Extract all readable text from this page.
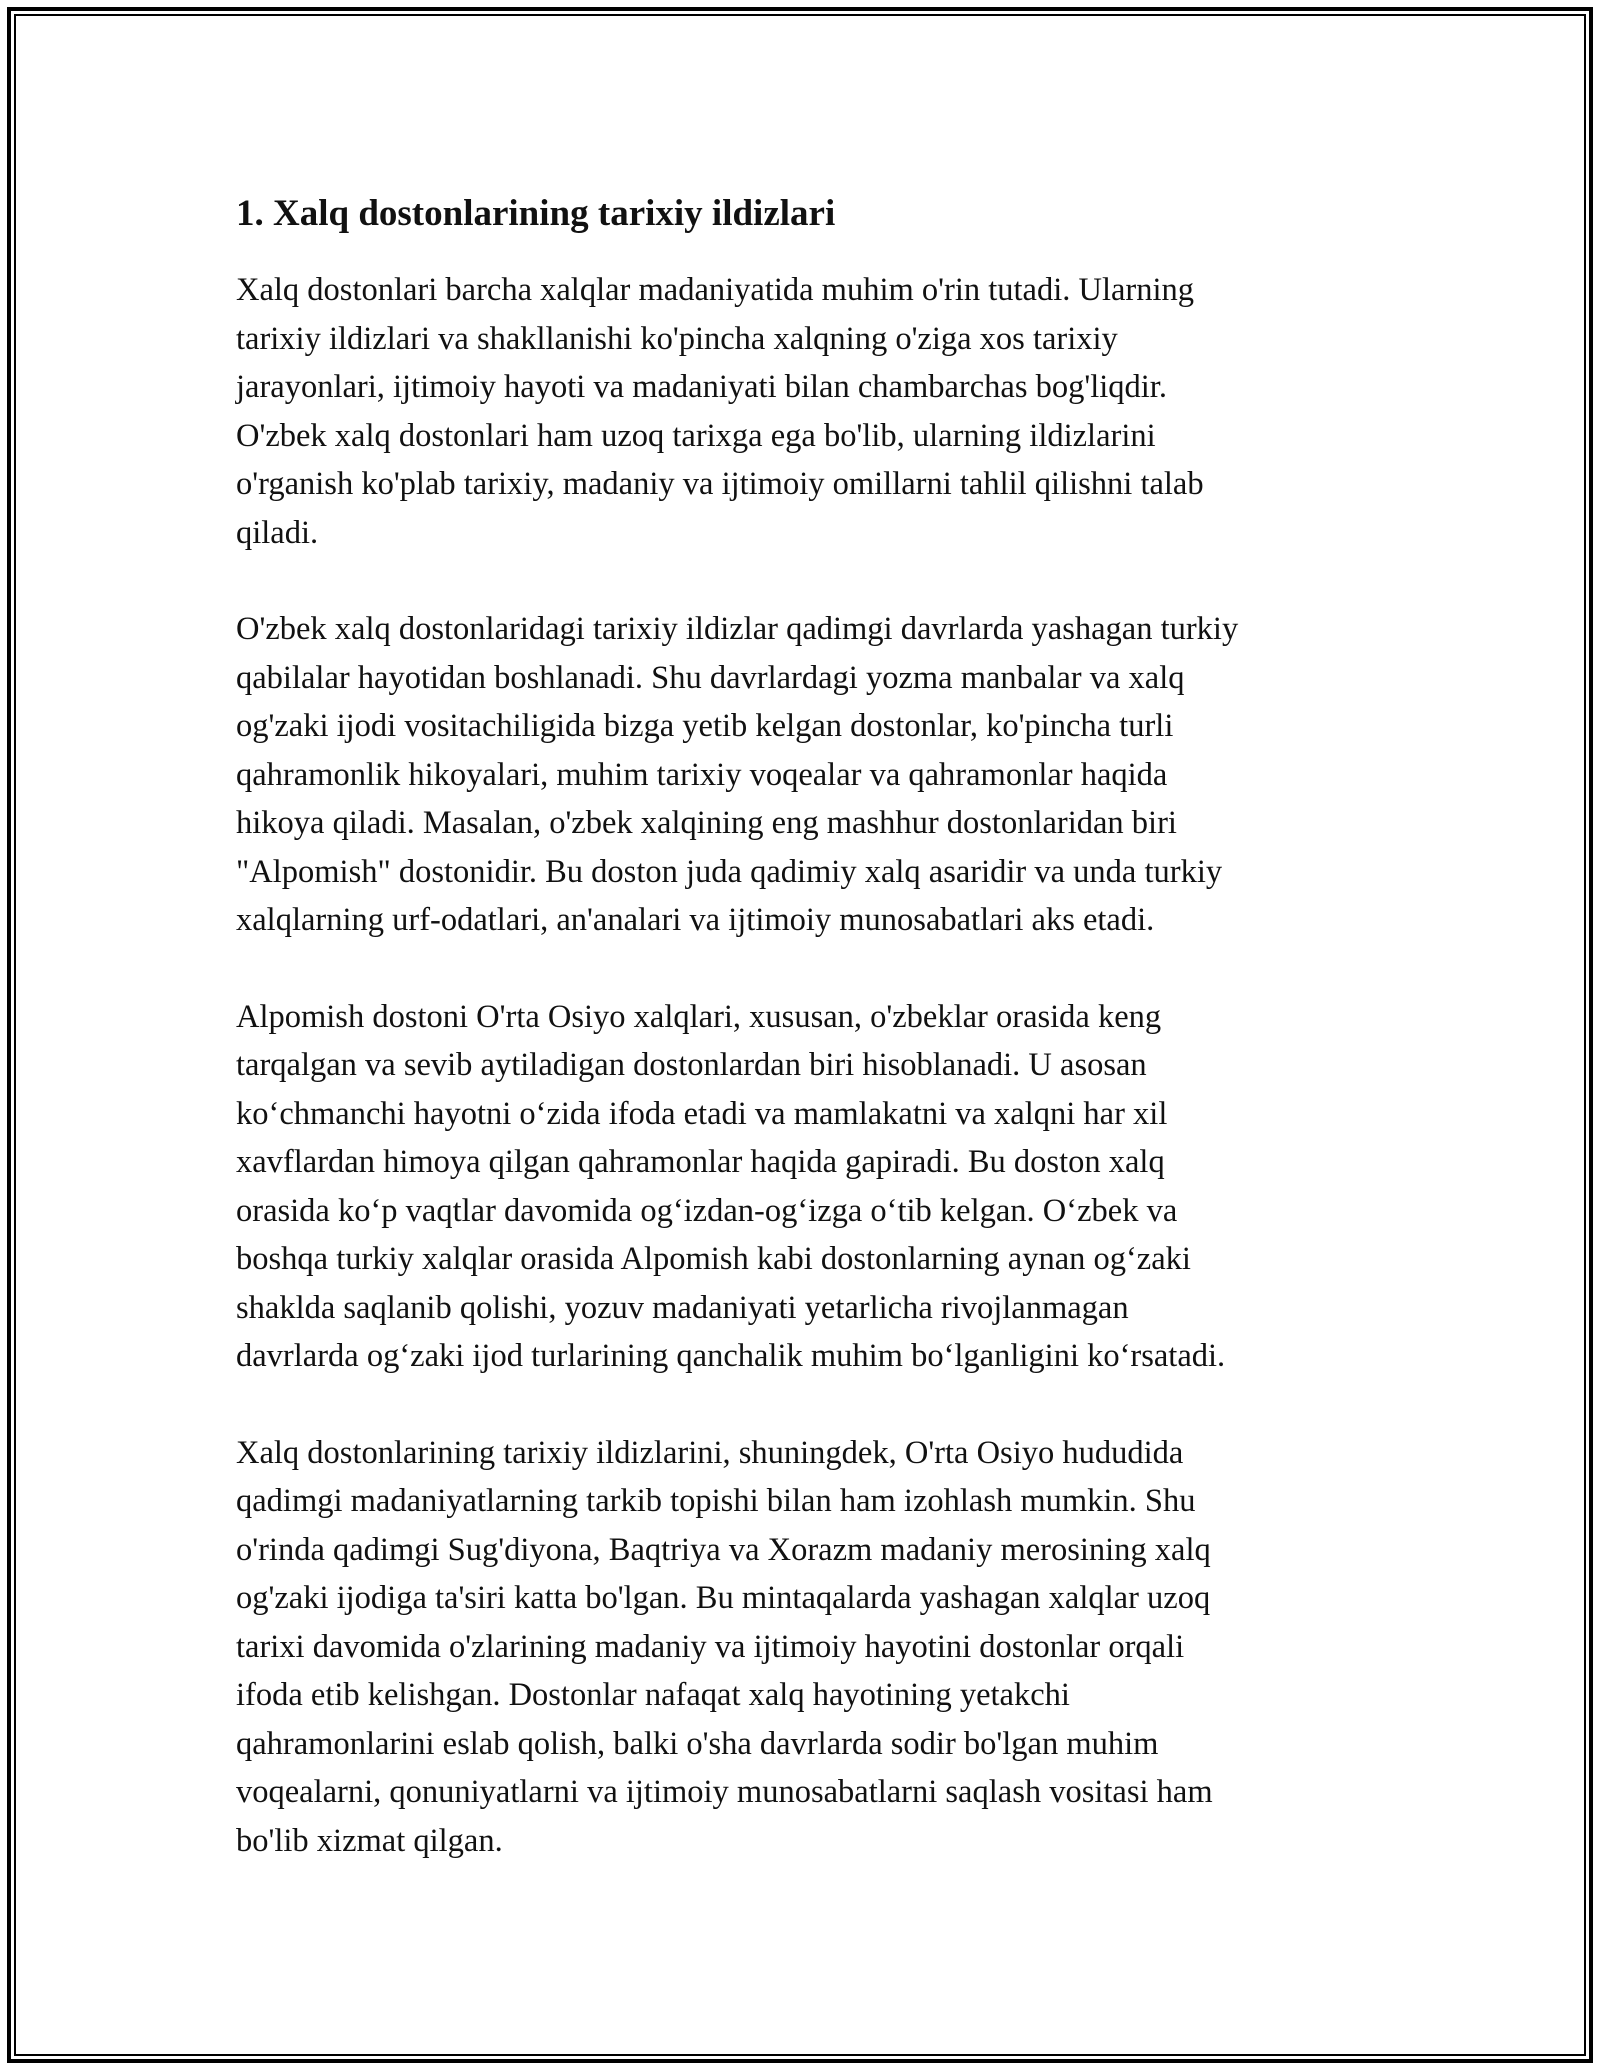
1. Xalq dostonlarining tarixiy ildizlari
Xalq dostonlari barcha xalqlar madaniyatida muhim o'rin tutadi. Ularning
tarixiy ildizlari va shakllanishi ko'pincha xalqning o'ziga xos tarixiy
jarayonlari, ijtimoiy hayoti va madaniyati bilan chambarchas bog'liqdir.
O'zbek xalq dostonlari ham uzoq tarixga ega bo'lib, ularning ildizlarini
o'rganish ko'plab tarixiy, madaniy va ijtimoiy omillarni tahlil qilishni talab
qiladi.
O'zbek xalq dostonlaridagi tarixiy ildizlar qadimgi davrlarda yashagan turkiy
qabilalar hayotidan boshlanadi. Shu davrlardagi yozma manbalar va xalq
og'zaki ijodi vositachiligida bizga yetib kelgan dostonlar, ko'pincha turli
qahramonlik hikoyalari, muhim tarixiy voqealar va qahramonlar haqida
hikoya qiladi. Masalan, o'zbek xalqining eng mashhur dostonlaridan biri
"Alpomish" dostonidir. Bu doston juda qadimiy xalq asaridir va unda turkiy
xalqlarning urf-odatlari, an'analari va ijtimoiy munosabatlari aks etadi.
Alpomish dostoni O'rta Osiyo xalqlari, xususan, o'zbeklar orasida keng
tarqalgan va sevib aytiladigan dostonlardan biri hisoblanadi. U asosan
ko‘chmanchi hayotni o‘zida ifoda etadi va mamlakatni va xalqni har xil
xavflardan himoya qilgan qahramonlar haqida gapiradi. Bu doston xalq
orasida ko‘p vaqtlar davomida og‘izdan-og‘izga o‘tib kelgan. O‘zbek va
boshqa turkiy xalqlar orasida Alpomish kabi dostonlarning aynan og‘zaki
shaklda saqlanib qolishi, yozuv madaniyati yetarlicha rivojlanmagan
davrlarda og‘zaki ijod turlarining qanchalik muhim bo‘lganligini ko‘rsatadi.
Xalq dostonlarining tarixiy ildizlarini, shuningdek, O'rta Osiyo hududida
qadimgi madaniyatlarning tarkib topishi bilan ham izohlash mumkin. Shu
o'rinda qadimgi Sug'diyona, Baqtriya va Xorazm madaniy merosining xalq
og'zaki ijodiga ta'siri katta bo'lgan. Bu mintaqalarda yashagan xalqlar uzoq
tarixi davomida o'zlarining madaniy va ijtimoiy hayotini dostonlar orqali
ifoda etib kelishgan. Dostonlar nafaqat xalq hayotining yetakchi
qahramonlarini eslab qolish, balki o'sha davrlarda sodir bo'lgan muhim
voqealarni, qonuniyatlarni va ijtimoiy munosabatlarni saqlash vositasi ham
bo'lib xizmat qilgan.
